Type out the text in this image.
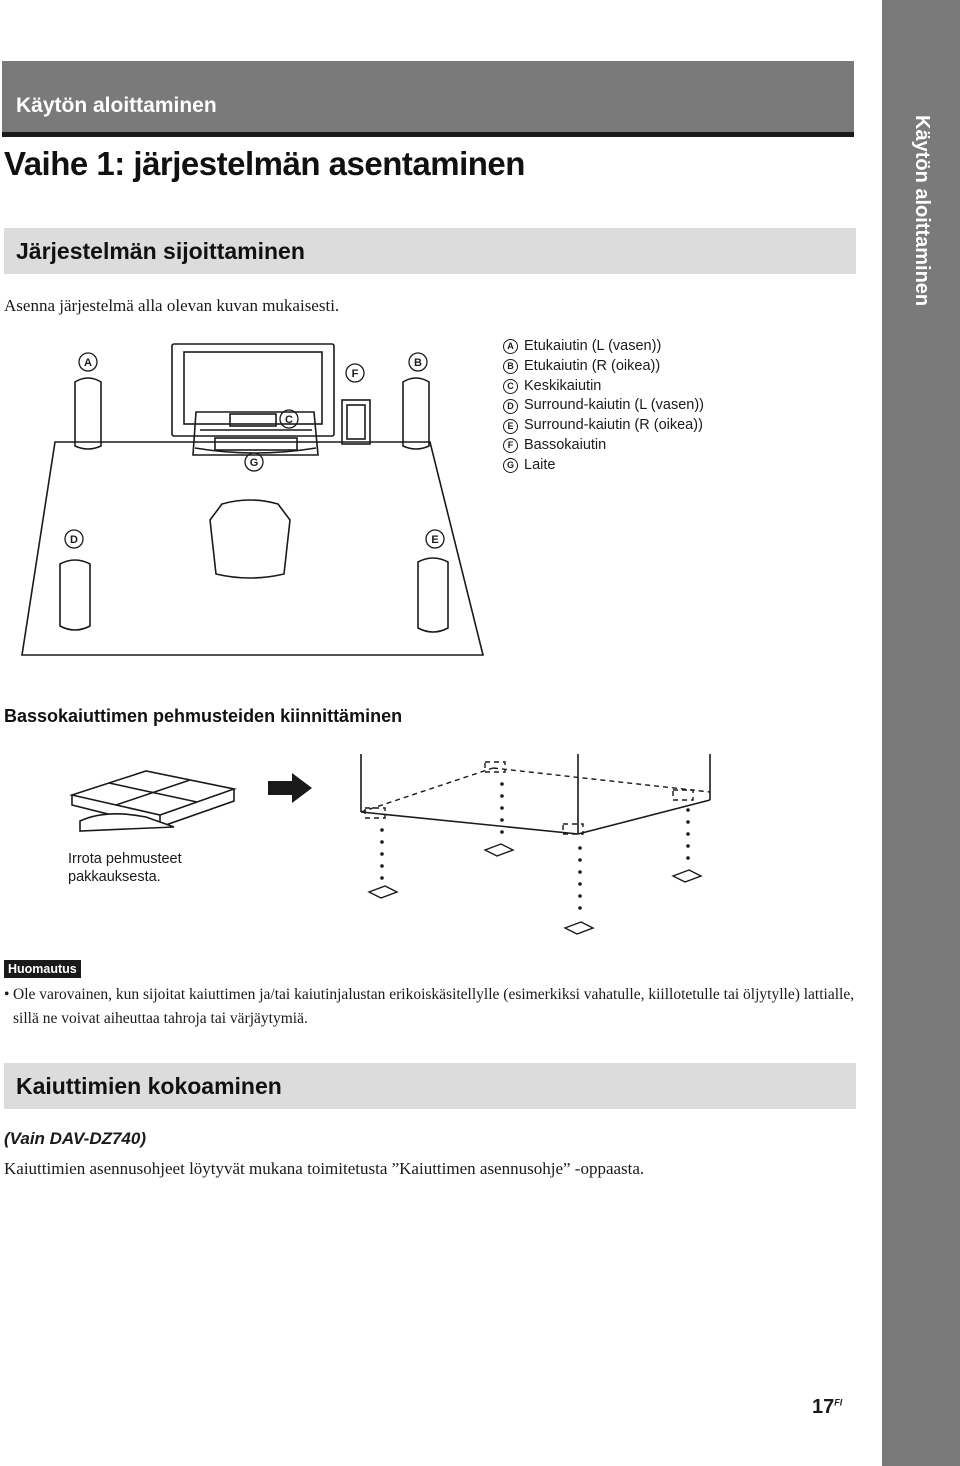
Käytön aloittaminen
Käytön aloittaminen
Vaihe 1: järjestelmän asentaminen
Järjestelmän sijoittaminen
Asenna järjestelmä alla olevan kuvan mukaisesti.
A	B
C
D	E
F
G
A Etukaiutin (L (vasen))
B Etukaiutin (R (oikea))
C Keskikaiutin
D Surround-kaiutin (L (vasen))
E Surround-kaiutin (R (oikea))
F Bassokaiutin
G Laite
Bassokaiuttimen pehmusteiden kiinnittäminen
Irrota pehmusteet
pakkauksesta.
Huomautus
• Ole varovainen, kun sijoitat kaiuttimen ja/tai kaiutinjalustan erikoiskäsitellylle (esimerkiksi vahatulle, kiillotetulle tai öljytylle) lattialle, sillä ne voivat aiheuttaa tahroja tai värjäytymiä.
Kaiuttimien kokoaminen
(Vain DAV-DZ740)
Kaiuttimien asennusohjeet löytyvät mukana toimitetusta ”Kaiuttimen asennusohje” -oppaasta.
$17^{FI}$
